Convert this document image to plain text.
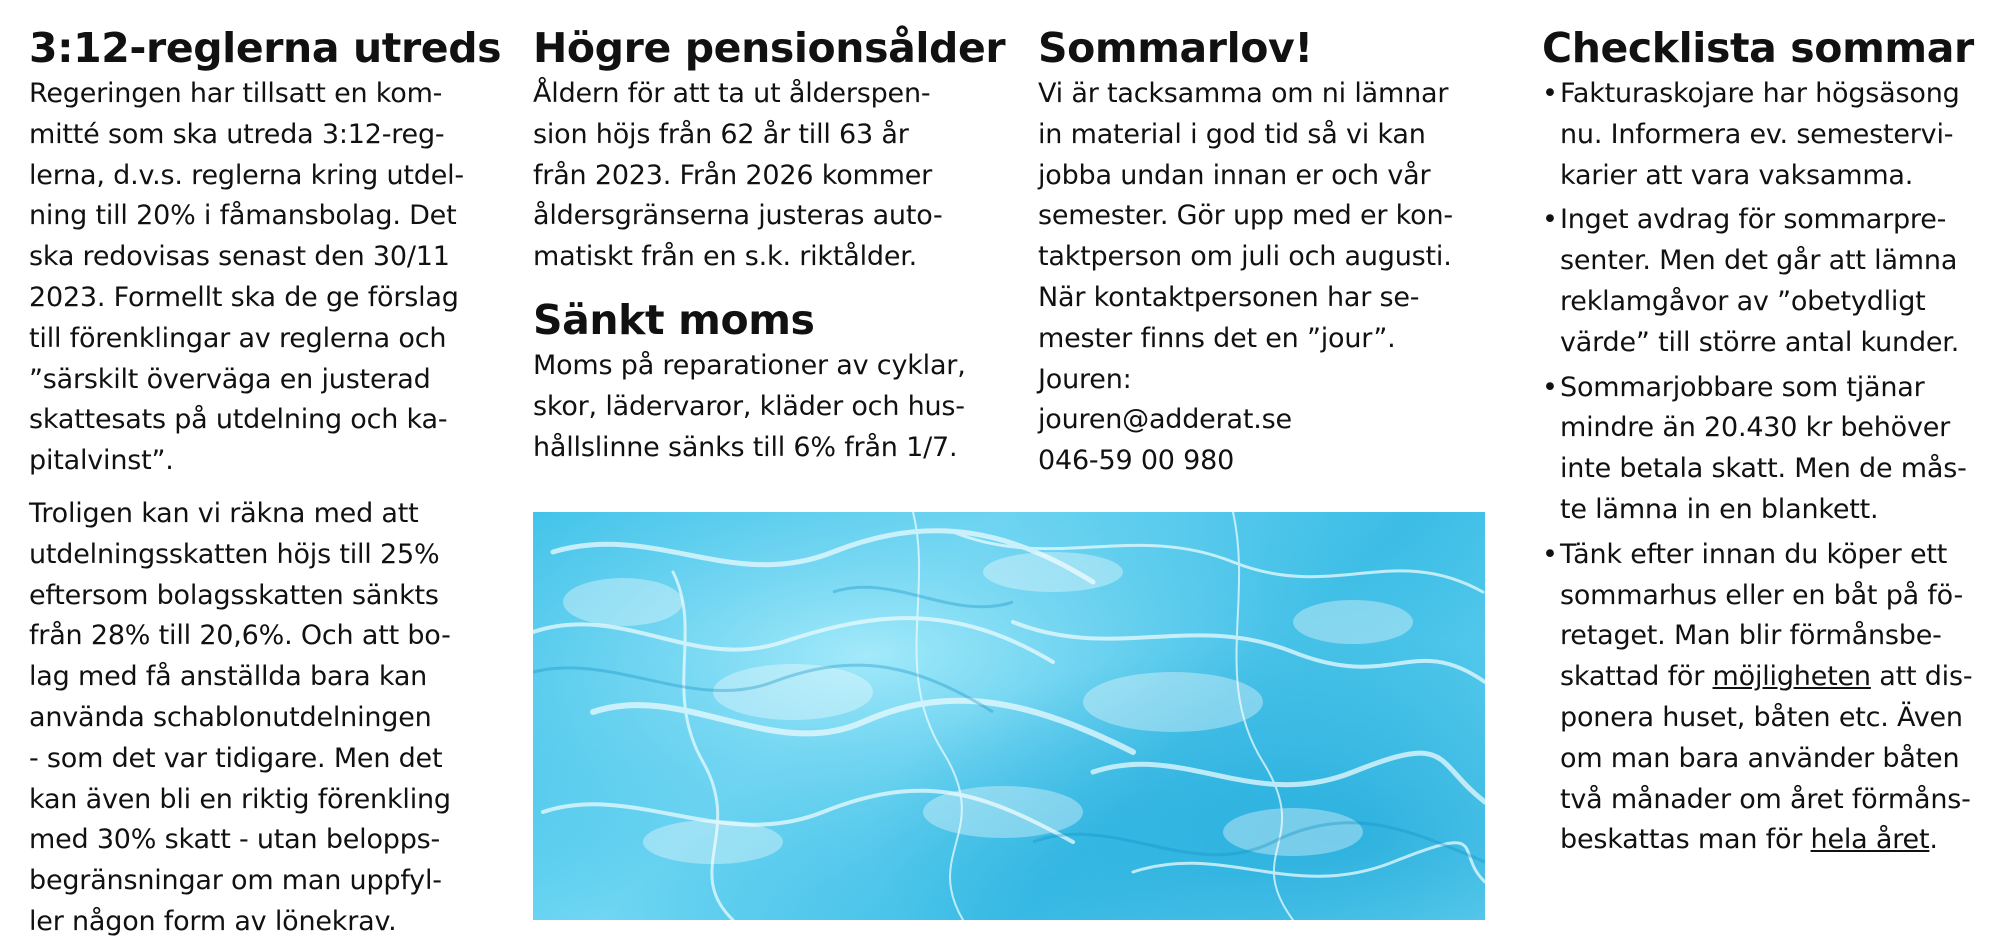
3:12-reglerna utreds

Regeringen har tillsatt en kom-
mitté som ska utreda 3:12-reg-
lerna, d.v.s. reglerna kring utdel-
ning till 20% i fåmansbolag. Det
ska redovisas senast den 30/11
2023. Formellt ska de ge förslag
till förenklingar av reglerna och
”särskilt överväga en justerad
skattesats på utdelning och ka-
pitalvinst”.

Troligen kan vi räkna med att
utdelningsskatten höjs till 25%
eftersom bolagsskatten sänkts
från 28% till 20,6%. Och att bo-
lag med få anställda bara kan
använda schablonutdelningen
- som det var tidigare. Men det
kan även bli en riktig förenkling
med 30% skatt - utan belopps-
begränsningar om man uppfyl-
ler någon form av lönekrav.

Högre pensionsålder

Åldern för att ta ut ålderspen-
sion höjs från 62 år till 63 år
från 2023. Från 2026 kommer
åldersgränserna justeras auto-
matiskt från en s.k. riktålder.

Sänkt moms

Moms på reparationer av cyklar,
skor, lädervaror, kläder och hus-
hållslinne sänks till 6% från 1/7.

Sommarlov!

Vi är tacksamma om ni lämnar
in material i god tid så vi kan
jobba undan innan er och vår
semester. Gör upp med er kon-
taktperson om juli och augusti.
När kontaktpersonen har se-
mester finns det en ”jour”.
Jouren:
jouren@adderat.se
046-59 00 980

Checklista sommar
• Fakturaskojare har högsäsong
nu. Informera ev. semestervi-
karier att vara vaksamma.

• Inget avdrag för sommarpre-
senter. Men det går att lämna
reklamgåvor av ”obetydligt
värde” till större antal kunder.

• Sommarjobbare som tjänar
mindre än 20.430 kr behöver
inte betala skatt. Men de mås-
te lämna in en blankett.

• Tänk efter innan du köper ett
sommarhus eller en båt på fö-
retaget. Man blir förmånsbe-
skattad för möjligheten att dis-
ponera huset, båten etc. Även
om man bara använder båten
två månader om året förmåns-
beskattas man för hela året.
